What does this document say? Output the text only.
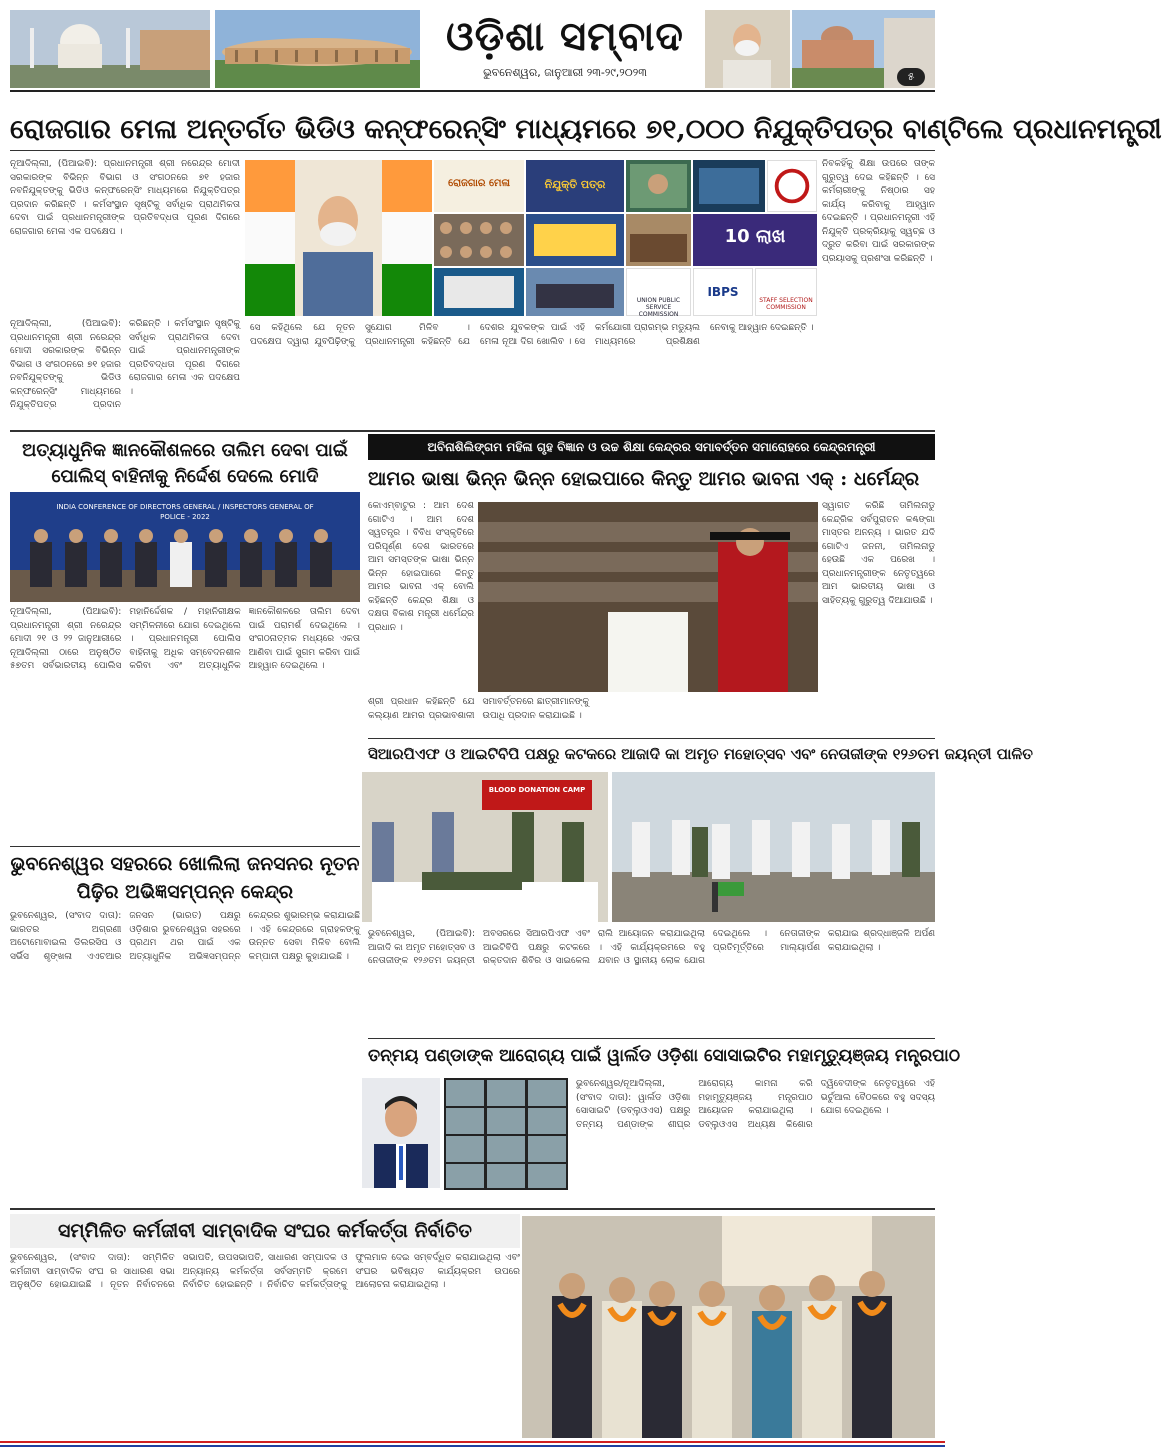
ଓଡ଼ିଶା ସମ୍ବାଦ
ଭୁବନେଶ୍ୱର, ଜାନୁଆରୀ ୨୩-୨୯,୨୦୨୩	୫
ରୋଜଗାର ମେଳା ଅନ୍ତର୍ଗତ ଭିଡିଓ କନ୍ଫରେନ୍ସିଂ ମାଧ୍ୟମରେ ୭୧,୦୦୦ ନିଯୁକ୍ତିପତ୍ର ବାଣ୍ଟିଲେ ପ୍ରଧାନମନ୍ତ୍ରୀ
ନୂଆଦିଲ୍ଲୀ, (ପିଆଇବି): ପ୍ରଧାନମନ୍ତ୍ରୀ ଶ୍ରୀ ନରେନ୍ଦ୍ର ମୋଦୀ ସରକାରଙ୍କ ବିଭିନ୍ନ ବିଭାଗ ଓ ସଂଗଠନରେ ୭୧ ହଜାର ନବନିଯୁକ୍ତଙ୍କୁ ଭିଡିଓ କନ୍ଫରେନ୍ସିଂ ମାଧ୍ୟମରେ ନିଯୁକ୍ତିପତ୍ର ପ୍ରଦାନ କରିଛନ୍ତି । କର୍ମସଂସ୍ଥାନ ସୃଷ୍ଟିକୁ ସର୍ବାଧିକ ପ୍ରାଥମିକତା ଦେବା ପାଇଁ ପ୍ରଧାନମନ୍ତ୍ରୀଙ୍କ ପ୍ରତିବଦ୍ଧତା ପୂରଣ ଦିଗରେ ରୋଜଗାର ମେଳା ଏକ ପଦକ୍ଷେପ ।
ରୋଜଗାର ମେଳା	ନିଯୁକ୍ତି ପତ୍ର
10 ଲାଖ
UNION PUBLIC SERVICE COMMISSION
IBPS
STAFF SELECTION COMMISSION
ନିବକହିଁକୁ ଶିକ୍ଷା ଉପରେ ତାଙ୍କ ଗୁରୁତ୍ୱ ଦେଇ କହିଛନ୍ତି । ସେ କର୍ମଚାରୀଙ୍କୁ ନିଷ୍ଠାର ସହ କାର୍ଯ୍ୟ କରିବାକୁ ଆହ୍ୱାନ ଦେଇଛନ୍ତି । ପ୍ରଧାନମନ୍ତ୍ରୀ ଏହି ନିଯୁକ୍ତି ପ୍ରକ୍ରିୟାକୁ ସ୍ୱଚ୍ଛ ଓ ଦ୍ରୁତ କରିବା ପାଇଁ ସରକାରଙ୍କ ପ୍ରୟାସକୁ ପ୍ରଶଂସା କରିଛନ୍ତି ।
ସେ କହିଥିଲେ ଯେ ନୂତନ ପଦକ୍ଷେପ ଦ୍ୱାରା ଯୁବପିଢ଼ିଙ୍କୁ ସୁଯୋଗ ମିଳିବ । ପ୍ରଧାନମନ୍ତ୍ରୀ କହିଛନ୍ତି ଯେ ଦେଶର ଯୁବକଙ୍କ ପାଇଁ ଏହି ମେଳା ନୂଆ ଦିଗ ଖୋଲିବ । ସେ କର୍ମଯୋଗୀ ପ୍ରାରମ୍ଭ ମଡ୍ୟୁଲ ମାଧ୍ୟମରେ ପ୍ରଶିକ୍ଷଣ ନେବାକୁ ଆହ୍ୱାନ ଦେଇଛନ୍ତି ।
ନୂଆଦିଲ୍ଲୀ, (ପିଆଇବି): ପ୍ରଧାନମନ୍ତ୍ରୀ ଶ୍ରୀ ନରେନ୍ଦ୍ର ମୋଦୀ ସରକାରଙ୍କ ବିଭିନ୍ନ ବିଭାଗ ଓ ସଂଗଠନରେ ୭୧ ହଜାର ନବନିଯୁକ୍ତଙ୍କୁ ଭିଡିଓ କନ୍ଫରେନ୍ସିଂ ମାଧ୍ୟମରେ ନିଯୁକ୍ତିପତ୍ର ପ୍ରଦାନ କରିଛନ୍ତି । କର୍ମସଂସ୍ଥାନ ସୃଷ୍ଟିକୁ ସର୍ବାଧିକ ପ୍ରାଥମିକତା ଦେବା ପାଇଁ ପ୍ରଧାନମନ୍ତ୍ରୀଙ୍କ ପ୍ରତିବଦ୍ଧତା ପୂରଣ ଦିଗରେ ରୋଜଗାର ମେଳା ଏକ ପଦକ୍ଷେପ ।
ଅତ୍ୟାଧୁନିକ ଜ୍ଞାନକୌଶଳରେ ତାଲିମ ଦେବା ପାଇଁ ପୋଲିସ୍ ବାହିନୀକୁ ନିର୍ଦ୍ଦେଶ ଦେଲେ ମୋଦି
INDIA CONFERENCE OF DIRECTORS GENERAL / INSPECTORS GENERAL OF POLICE - 2022
ନୂଆଦିଲ୍ଲୀ, (ପିଆଇବି): ପ୍ରଧାନମନ୍ତ୍ରୀ ଶ୍ରୀ ନରେନ୍ଦ୍ର ମୋଦୀ ୨୧ ଓ ୨୨ ଜାନୁଆରୀରେ ନୂଆଦିଲ୍ଲୀ ଠାରେ ଅନୁଷ୍ଠିତ ୫୭ତମ ସର୍ବଭାରତୀୟ ପୋଲିସ ମହାନିର୍ଦ୍ଦେଶକ / ମହାନିରୀକ୍ଷକ ସମ୍ମିଳନୀରେ ଯୋଗ ଦେଇଥିଲେ । ପ୍ରଧାନମନ୍ତ୍ରୀ ପୋଲିସ ବାହିନୀକୁ ଅଧିକ ସମ୍ବେଦନଶୀଳ କରିବା ଏବଂ ଅତ୍ୟାଧୁନିକ ଜ୍ଞାନକୌଶଳରେ ତାଲିମ ଦେବା ପାଇଁ ପରାମର୍ଶ ଦେଇଥିଲେ । ସଂଗଠନାତ୍ମକ ମଧ୍ୟରେ ଏକତା ଆଣିବା ପାଇଁ ସୁଗମ କରିବା ପାଇଁ ଆହ୍ୱାନ ଦେଇଥିଲେ ।
ଭୁବନେଶ୍ୱର ସହରରେ ଖୋଲିଲା ଜନସନର ନୂତନ ପିଢ଼ିର ଅଭିଜ୍ଞସମ୍ପନ୍ନ କେନ୍ଦ୍ର
ଭୁବନେଶ୍ୱର, (ସଂବାଦ ଦାତା): ଭାରତର ଅଗ୍ରଣୀ ଅଟୋମୋବାଇଲ ଡିଲରସିପ ଓ ସର୍ଭିସ ଶୃଙ୍ଖଳା ଏଏଚଆର ଜନସନ (ଭାରତ) ପକ୍ଷରୁ ଓଡ଼ିଶାର ଭୁବନେଶ୍ୱର ସହରରେ ପ୍ରଥମ ଥର ପାଇଁ ଏକ ଅତ୍ୟାଧୁନିକ ଅଭିଜ୍ଞସମ୍ପନ୍ନ କେନ୍ଦ୍ରର ଶୁଭାରମ୍ଭ କରାଯାଇଛି । ଏହି କେନ୍ଦ୍ରରେ ଗ୍ରାହକଙ୍କୁ ଉନ୍ନତ ସେବା ମିଳିବ ବୋଲି କମ୍ପାନୀ ପକ୍ଷରୁ କୁହାଯାଇଛି ।
ଅବିନାଶିଲିଙ୍ଗମ ମହିଳା ଗୃହ ବିଜ୍ଞାନ ଓ ଉଚ୍ଚ ଶିକ୍ଷା କେନ୍ଦ୍ରର ସମାବର୍ତ୍ତନ ସମାରୋହରେ କେନ୍ଦ୍ରମନ୍ତ୍ରୀ
ଆମର ଭାଷା ଭିନ୍ନ ଭିନ୍ନ ହୋଇପାରେ କିନ୍ତୁ ଆମର ଭାବନା ଏକ୍ : ଧର୍ମେନ୍ଦ୍ର
କୋଏମ୍ବାଟୁର : ଆମ ଦେଶ ଗୋଟିଏ । ଆମ ଦେଶ ସ୍ୱତନ୍ତ୍ର । ବିବିଧ ସଂସ୍କୃତିରେ ପରିପୂର୍ଣ୍ଣ ଦେଶ ଭାରତରେ ଆମ ସମସ୍ତଙ୍କ ଭାଷା ଭିନ୍ନ ଭିନ୍ନ ହୋଇପାରେ କିନ୍ତୁ ଆମର ଭାବନା ଏକ୍ ବୋଲି କହିଛନ୍ତି କେନ୍ଦ୍ର ଶିକ୍ଷା ଓ ଦକ୍ଷତା ବିକାଶ ମନ୍ତ୍ରୀ ଧର୍ମେନ୍ଦ୍ର ପ୍ରଧାନ ।
ସ୍ୱାଗତ କରିଛି ତାମିଲନାଡୁ କେନ୍ଦ୍ରିକ ସର୍ବପୁରାତନ କଣ୍ଢଙ୍ଗା ମାସ୍ତର ଅନନ୍ୟ । ଭାରତ ଯଦି ଗୋଟିଏ ଜନନୀ, ତାମିଲନାଡୁ ହେଉଛି ଏକ ପରେଖ । ପ୍ରଧାନମନ୍ତ୍ରୀଙ୍କ ନେତୃତ୍ୱରେ ଆମ ଭାରତୀୟ ଭାଷା ଓ ସାହିତ୍ୟକୁ ଗୁରୁତ୍ୱ ଦିଆଯାଉଛି ।
ଶ୍ରୀ ପ୍ରଧାନ କହିଛନ୍ତି ଯେ କଲ୍ୟାଣ ଆମର ପ୍ରଭାବଶାଳୀ ସମାବର୍ତ୍ତନରେ ଛାତ୍ରୀମାନଙ୍କୁ ଉପାଧି ପ୍ରଦାନ କରାଯାଇଛି ।
ସିଆରପିଏଫ ଓ ଆଇଟିବିପି ପକ୍ଷରୁ କଟକରେ ଆଜାଦି କା ଅମୃତ ମହୋତ୍ସବ ଏବଂ ନେତାଜୀଙ୍କ ୧୨୬ତମ ଜୟନ୍ତୀ ପାଳିତ
BLOOD DONATION CAMP
ଭୁବନେଶ୍ୱର, (ପିଆଇବି): ଆଜାଦି କା ଅମୃତ ମହୋତ୍ସବ ଓ ନେତାଜୀଙ୍କ ୧୨୬ତମ ଜୟନ୍ତୀ ଅବସରରେ ସିଆରପିଏଫ ଏବଂ ଆଇଟିବିପି ପକ୍ଷରୁ କଟକରେ ରକ୍ତଦାନ ଶିବିର ଓ ସାଇକେଲ ରାଲି ଆୟୋଜନ କରାଯାଇଥିଲା । ଏହି କାର୍ଯ୍ୟକ୍ରମରେ ବହୁ ଯବାନ ଓ ସ୍ଥାନୀୟ ଲୋକ ଯୋଗ ଦେଇଥିଲେ । ନେତାଜୀଙ୍କ ପ୍ରତିମୂର୍ତ୍ତିରେ ମାଲ୍ୟାର୍ପଣ କରାଯାଇ ଶ୍ରଦ୍ଧାଞ୍ଜଳି ଅର୍ପଣ କରାଯାଇଥିଲା ।
ତନ୍ମୟ ପଣ୍ଡାଙ୍କ ଆରୋଗ୍ୟ ପାଇଁ ୱାର୍ଲଡ ଓଡ଼ିଶା ସୋସାଇଟିର ମହାମୃତ୍ୟୁଞ୍ଜୟ ମନ୍ତ୍ରପାଠ
ଭୁବନେଶ୍ୱର/ନୂଆଦିଲ୍ଲୀ, (ସଂବାଦ ଦାତା): ୱାର୍ଲଡ ଓଡ଼ିଶା ସୋସାଇଟି (ଡବ୍ଲୁଓଏସ) ପକ୍ଷରୁ ତନ୍ମୟ ପଣ୍ଡାଙ୍କ ଶୀଘ୍ର ଆରୋଗ୍ୟ କାମନା କରି ମହାମୃତ୍ୟୁଞ୍ଜୟ ମନ୍ତ୍ରପାଠ ଆୟୋଜନ କରାଯାଇଥିଲା । ଡବ୍ଲୁଓଏସ ଅଧ୍ୟକ୍ଷ କିଶୋର ଦ୍ୱିବେଦୀଙ୍କ ନେତୃତ୍ୱରେ ଏହି ଭର୍ଚୁଆଲ ବୈଠକରେ ବହୁ ସଦସ୍ୟ ଯୋଗ ଦେଇଥିଲେ ।
ସମ୍ମିଳିତ କର୍ମଜୀବୀ ସାମ୍ବାଦିକ ସଂଘର କର୍ମକର୍ତ୍ତା ନିର୍ବାଚିତ
ଭୁବନେଶ୍ୱର, (ସଂବାଦ ଦାତା): ସମ୍ମିଳିତ କର୍ମଜୀବୀ ସାମ୍ବାଦିକ ସଂଘ ର ସାଧାରଣ ସଭା ଅନୁଷ୍ଠିତ ହୋଇଯାଇଛି । ନୂତନ ନିର୍ବାଚନରେ ସଭାପତି, ଉପସଭାପତି, ସାଧାରଣ ସମ୍ପାଦକ ଓ ଅନ୍ୟାନ୍ୟ କର୍ମକର୍ତ୍ତା ସର୍ବସମ୍ମତି କ୍ରମେ ନିର୍ବାଚିତ ହୋଇଛନ୍ତି । ନିର୍ବାଚିତ କର୍ମକର୍ତ୍ତାଙ୍କୁ ଫୁଲମାଳ ଦେଇ ସମ୍ବର୍ଦ୍ଧିତ କରାଯାଇଥିଲା ଏବଂ ସଂଘର ଭବିଷ୍ୟତ କାର୍ଯ୍ୟକ୍ରମ ଉପରେ ଆଲୋଚନା କରାଯାଇଥିଲା ।
